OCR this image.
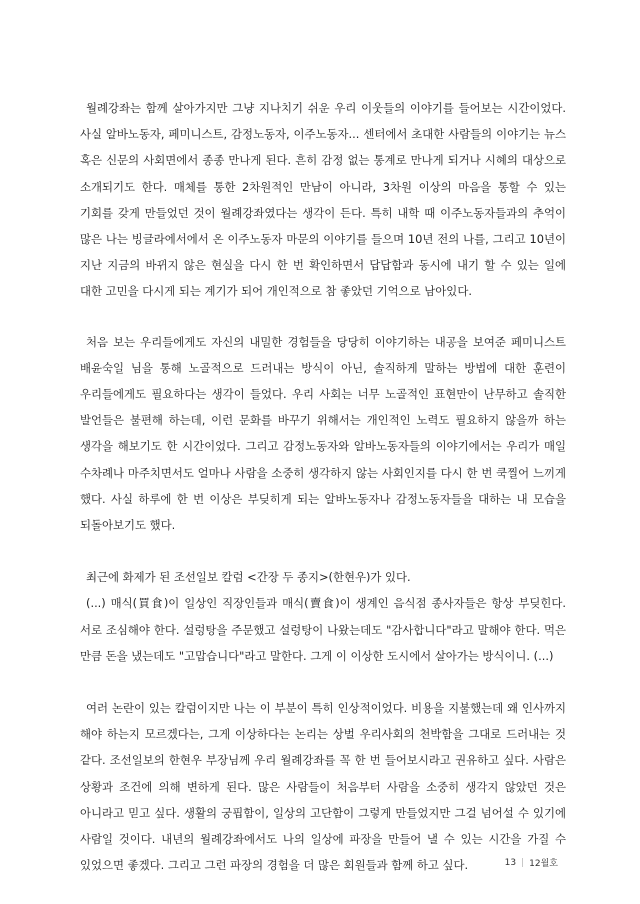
월례강좌는 함께 살아가지만 그냥 지나치기 쉬운 우리 이웃들의 이야기를 들어보는 시간이었다. 사실 알바노동자, 페미니스트, 감정노동자, 이주노동자... 센터에서 초대한 사람들의 이야기는 뉴스 혹은 신문의 사회면에서 종종 만나게 된다. 흔히 감정 없는 통계로 만나게 되거나 시혜의 대상으로 소개되기도 한다. 매체를 통한 2차원적인 만남이 아니라, 3차원 이상의 마음을 통할 수 있는 기회를 갖게 만들었던 것이 월례강좌였다는 생각이 든다. 특히 내학 때 이주노동자들과의 추억이 많은 나는 빙글라에서에서 온 이주노동자 마문의 이야기를 들으며 10년 전의 나를, 그리고 10년이 지난 지금의 바뀌지 않은 현실을 다시 한 번 확인하면서 답답함과 동시에 내기 할 수 있는 일에 대한 고민을 다시게 되는 계기가 되어 개인적으로 참 좋았던 기억으로 남아있다.

처음 보는 우리들에게도 자신의 내밀한 경험들을 당당히 이야기하는 내공을 보여준 페미니스트 배윤숙일 님을 통해 노골적으로 드러내는 방식이 아닌, 솔직하게 말하는 방법에 대한 훈련이 우리들에게도 필요하다는 생각이 들었다. 우리 사회는 너무 노골적인 표현만이 난무하고 솔직한 발언들은 불편해 하는데, 이런 문화를 바꾸기 위해서는 개인적인 노력도 필요하지 않을까 하는 생각을 해보기도 한 시간이었다. 그리고 감정노동자와 알바노동자들의 이야기에서는 우리가 매일 수차례나 마주치면서도 얼마나 사람을 소중히 생각하지 않는 사회인지를 다시 한 번 쿡찔어 느끼게 했다. 사실 하루에 한 번 이상은 부딪히게 되는 알바노동자나 감정노동자들을 대하는 내 모습을 되돌아보기도 했다.

최근에 화제가 된 조선일보 칼럼 <간장 두 종지>(한현우)가 있다.

(...) 매식(買食)이 일상인 직장인들과 매식(賣食)이 생계인 음식점 종사자들은 항상 부딪힌다. 서로 조심해야 한다. 설렁탕을 주문했고 설렁탕이 나왔는데도 "감사합니다"라고 말해야 한다. 먹은 만큼 돈을 냈는데도 "고맙습니다"라고 말한다. 그게 이 이상한 도시에서 살아가는 방식이니. (...)

여러 논란이 있는 칼럼이지만 나는 이 부분이 특히 인상적이었다. 비용을 지불했는데 왜 인사까지 해야 하는지 모르겠다는, 그게 이상하다는 논리는 상벌 우리사회의 천박함을 그대로 드러내는 것 같다. 조선일보의 한현우 부장님께 우리 월례강좌를 꼭 한 번 들어보시라고 권유하고 싶다. 사람은 상황과 조건에 의해 변하게 된다. 많은 사람들이 처음부터 사람을 소중히 생각지 않았던 것은 아니라고 믿고 싶다. 생활의 궁핍함이, 일상의 고단함이 그렇게 만들었지만 그걸 넘어설 수 있기에 사람일 것이다. 내년의 월례강좌에서도 나의 일상에 파장을 만들어 낼 수 있는 시간을 가질 수 있었으면 좋겠다. 그리고 그런 파장의 경험을 더 많은 회원들과 함께 하고 싶다.	13 | 12월호
